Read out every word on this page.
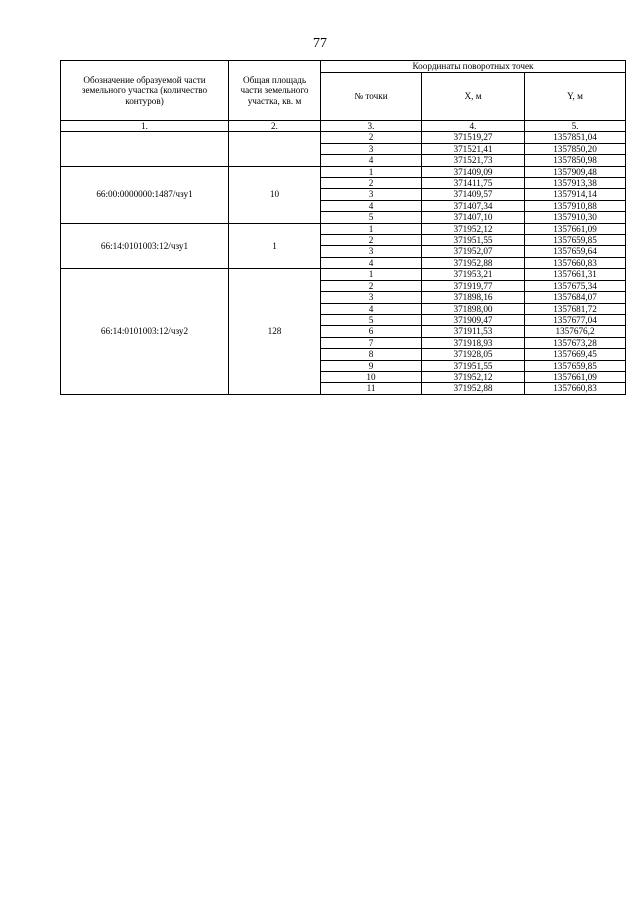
77
Обозначение образуемой части земельного участка (количество контуров)	Общая площадь части земельного участка, кв. м	Координаты поворотных точек		
		№ точки	X, м	Y, м
1.	2.	3.	4.	5.
		2	371519,27	1357851,04
		3	371521,41	1357850,20
		4	371521,73	1357850,98
66:00:0000000:1487/чзу1	10	1	371409,09	1357909,48
		2	371411,75	1357913,38
		3	371409,57	1357914,14
		4	371407,34	1357910,88
		5	371407,10	1357910,30
66:14:0101003:12/чзу1	1	1	371952,12	1357661,09
		2	371951,55	1357659,85
		3	371952,07	1357659,64
		4	371952,88	1357660,83
66:14:0101003:12/чзу2	128	1	371953,21	1357661,31
		2	371919,77	1357675,34
		3	371898,16	1357684,07
		4	371898,00	1357681,72
		5	371909,47	1357677,04
		6	371911,53	1357676,2
		7	371918,93	1357673,28
		8	371928,05	1357669,45
		9	371951,55	1357659,85
		10	371952,12	1357661,09
		11	371952,88	1357660,83
